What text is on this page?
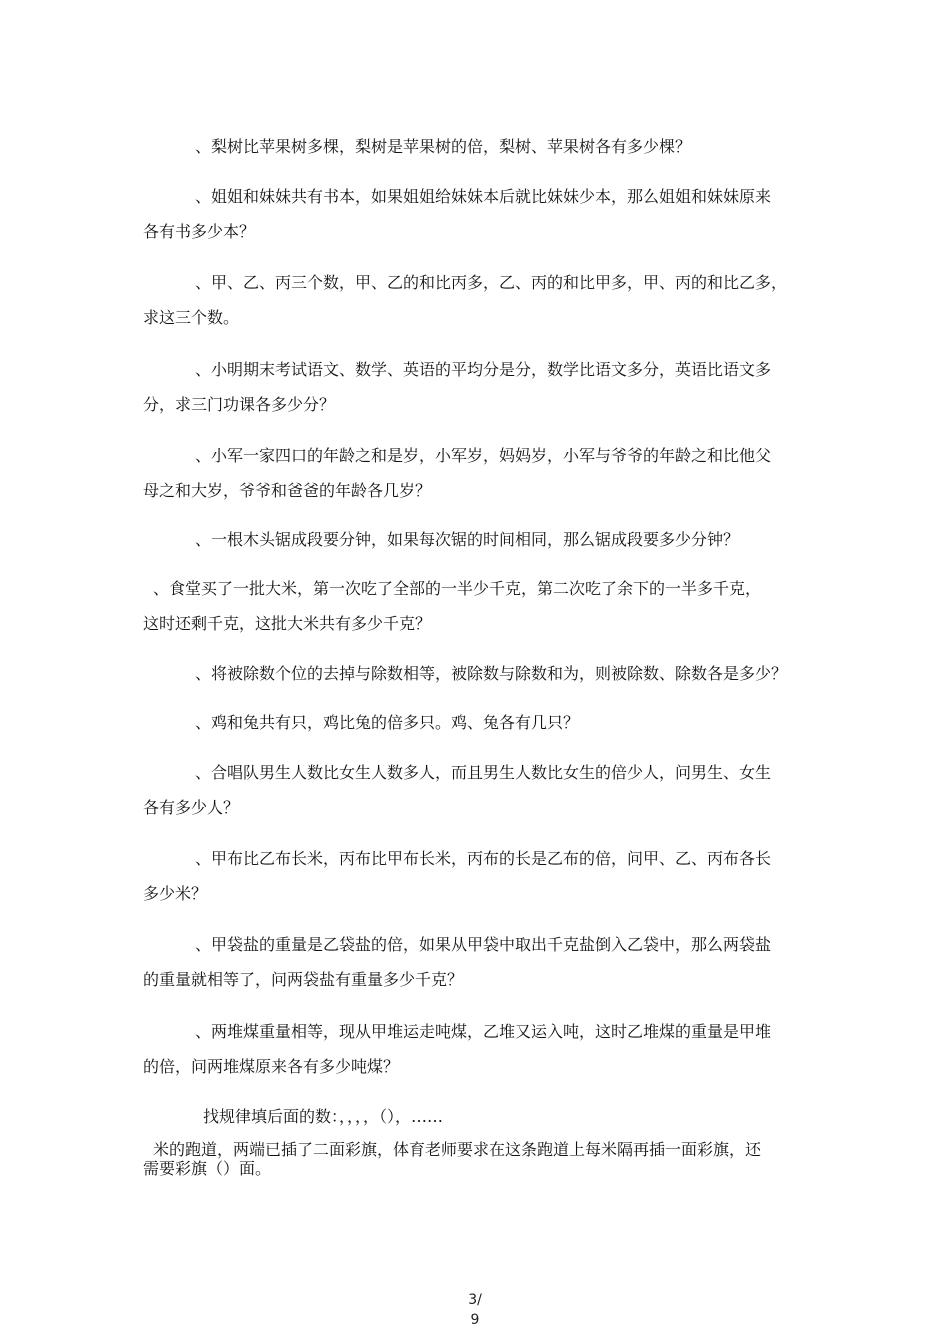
、梨树比苹果树多棵，梨树是苹果树的倍，梨树、苹果树各有多少棵？
、姐姐和妹妹共有书本，如果姐姐给妹妹本后就比妹妹少本，那么姐姐和妹妹原来
各有书多少本？
、甲、乙、丙三个数，甲、乙的和比丙多，乙、丙的和比甲多，甲、丙的和比乙多，
求这三个数。
、小明期末考试语文、数学、英语的平均分是分，数学比语文多分，英语比语文多
分，求三门功课各多少分？
、小军一家四口的年龄之和是岁，小军岁，妈妈岁，小军与爷爷的年龄之和比他父
母之和大岁，爷爷和爸爸的年龄各几岁？
、一根木头锯成段要分钟，如果每次锯的时间相同，那么锯成段要多少分钟？
、食堂买了一批大米，第一次吃了全部的一半少千克，第二次吃了余下的一半多千克，
这时还剩千克，这批大米共有多少千克？
、将被除数个位的去掉与除数相等，被除数与除数和为，则被除数、除数各是多少？
、鸡和兔共有只，鸡比兔的倍多只。鸡、兔各有几只？
、合唱队男生人数比女生人数多人，而且男生人数比女生的倍少人，问男生、女生
各有多少人？
、甲布比乙布长米，丙布比甲布长米，丙布的长是乙布的倍，问甲、乙、丙布各长
多少米？
、甲袋盐的重量是乙袋盐的倍，如果从甲袋中取出千克盐倒入乙袋中，那么两袋盐
的重量就相等了，问两袋盐有重量多少千克？
、两堆煤重量相等，现从甲堆运走吨煤，乙堆又运入吨，这时乙堆煤的重量是甲堆
的倍，问两堆煤原来各有多少吨煤？
找规律填后面的数：，，，，（），……
米的跑道，两端已插了二面彩旗，体育老师要求在这条跑道上每米隔再插一面彩旗，还
需要彩旗（）面。
3/
9
